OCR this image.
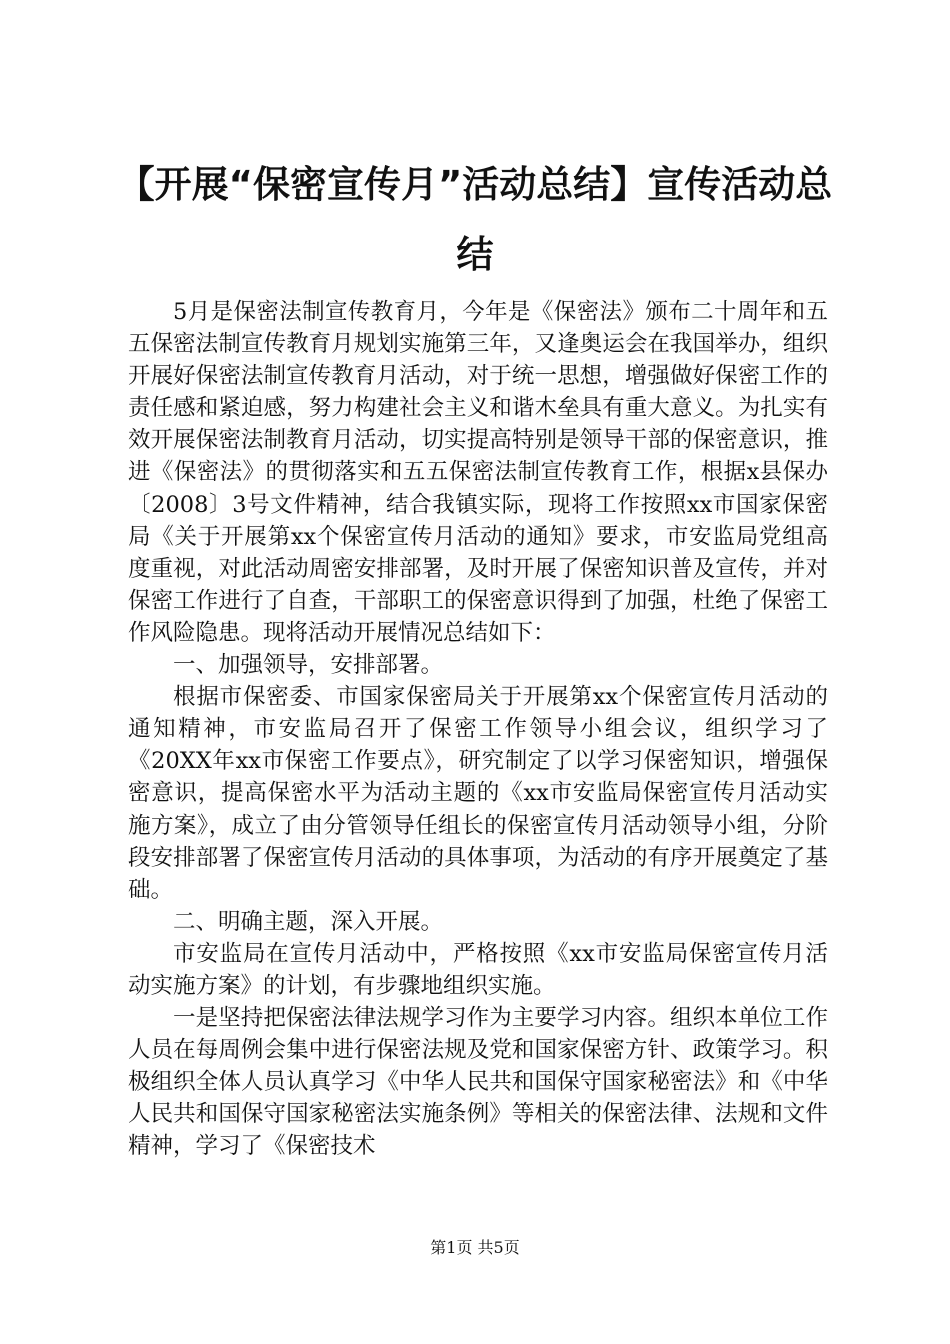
【开展“保密宣传月”活动总结】宣传活动总结

5月是保密法制宣传教育月，今年是《保密法》颁布二十周年和五五保密法制宣传教育月规划实施第三年，又逢奥运会在我国举办，组织开展好保密法制宣传教育月活动，对于统一思想，增强做好保密工作的责任感和紧迫感，努力构建社会主义和谐木垒具有重大意义。为扎实有效开展保密法制教育月活动，切实提高特别是领导干部的保密意识，推进《保密法》的贯彻落实和五五保密法制宣传教育工作，根据x县保办〔2008〕3号文件精神，结合我镇实际，现将工作按照xx市国家保密局《关于开展第xx个保密宣传月活动的通知》要求，市安监局党组高度重视，对此活动周密安排部署，及时开展了保密知识普及宣传，并对保密工作进行了自查，干部职工的保密意识得到了加强，杜绝了保密工作风险隐患。现将活动开展情况总结如下：

一、加强领导，安排部署。

根据市保密委、市国家保密局关于开展第xx个保密宣传月活动的通知精神，市安监局召开了保密工作领导小组会议，组织学习了《20XX年xx市保密工作要点》，研究制定了以学习保密知识，增强保密意识，提高保密水平为活动主题的《xx市安监局保密宣传月活动实施方案》，成立了由分管领导任组长的保密宣传月活动领导小组，分阶段安排部署了保密宣传月活动的具体事项，为活动的有序开展奠定了基础。

二、明确主题，深入开展。

市安监局在宣传月活动中，严格按照《xx市安监局保密宣传月活动实施方案》的计划，有步骤地组织实施。

一是坚持把保密法律法规学习作为主要学习内容。组织本单位工作人员在每周例会集中进行保密法规及党和国家保密方针、政策学习。积极组织全体人员认真学习《中华人民共和国保守国家秘密法》和《中华人民共和国保守国家秘密法实施条例》等相关的保密法律、法规和文件精神，学习了《保密技术

第1页 共5页
